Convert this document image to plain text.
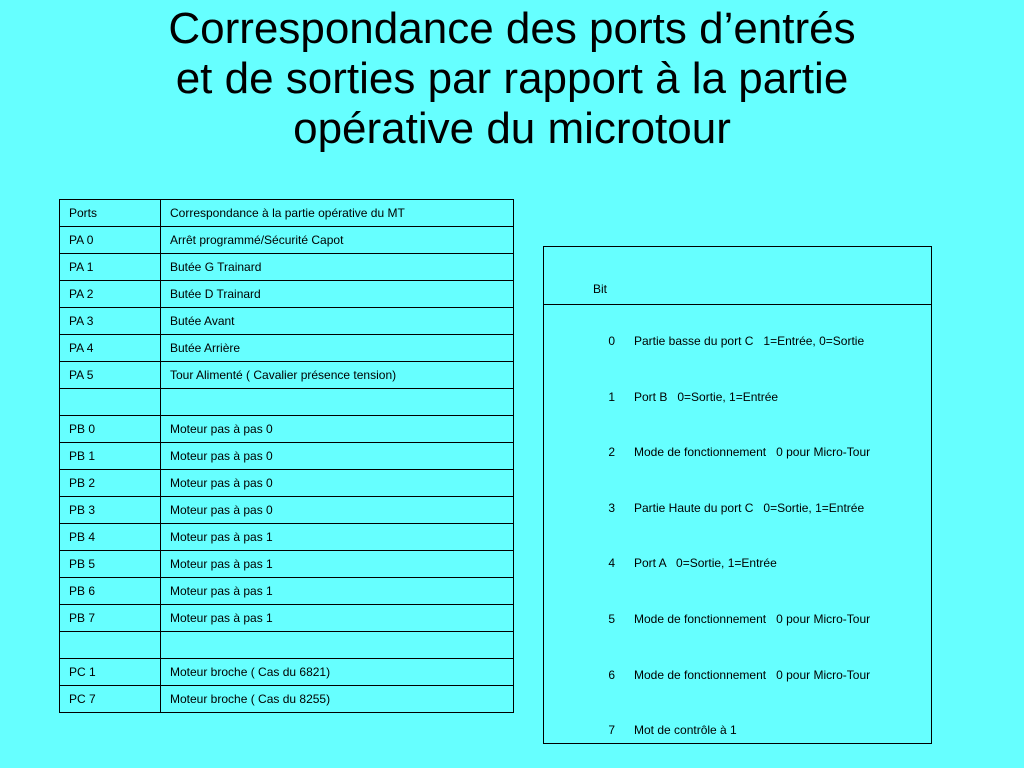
Correspondance des ports d’entrés
et de sorties par rapport à la partie
opérative du microtour
Ports	Correspondance à la partie opérative du MT
PA 0	Arrêt programmé/Sécurité Capot
PA 1	Butée G Trainard
PA 2	Butée D Trainard
PA 3	Butée Avant
PA 4	Butée Arrière
PA 5	Tour Alimenté ( Cavalier présence tension)

PB 0	Moteur pas à pas 0
PB 1	Moteur pas à pas 0
PB 2	Moteur pas à pas 0
PB 3	Moteur pas à pas 0
PB 4	Moteur pas à pas 1
PB 5	Moteur pas à pas 1
PB 6	Moteur pas à pas 1
PB 7	Moteur pas à pas 1

PC 1	Moteur broche ( Cas du 6821)
PC 7	Moteur broche ( Cas du 8255)
Bit	
0	Partie basse du port C   1=Entrée, 0=Sortie
1	Port B   0=Sortie, 1=Entrée
2	Mode de fonctionnement   0 pour Micro-Tour
3	Partie Haute du port C   0=Sortie, 1=Entrée
4	Port A   0=Sortie, 1=Entrée
5	Mode de fonctionnement   0 pour Micro-Tour
6	Mode de fonctionnement   0 pour Micro-Tour
7	Mot de contrôle à 1
